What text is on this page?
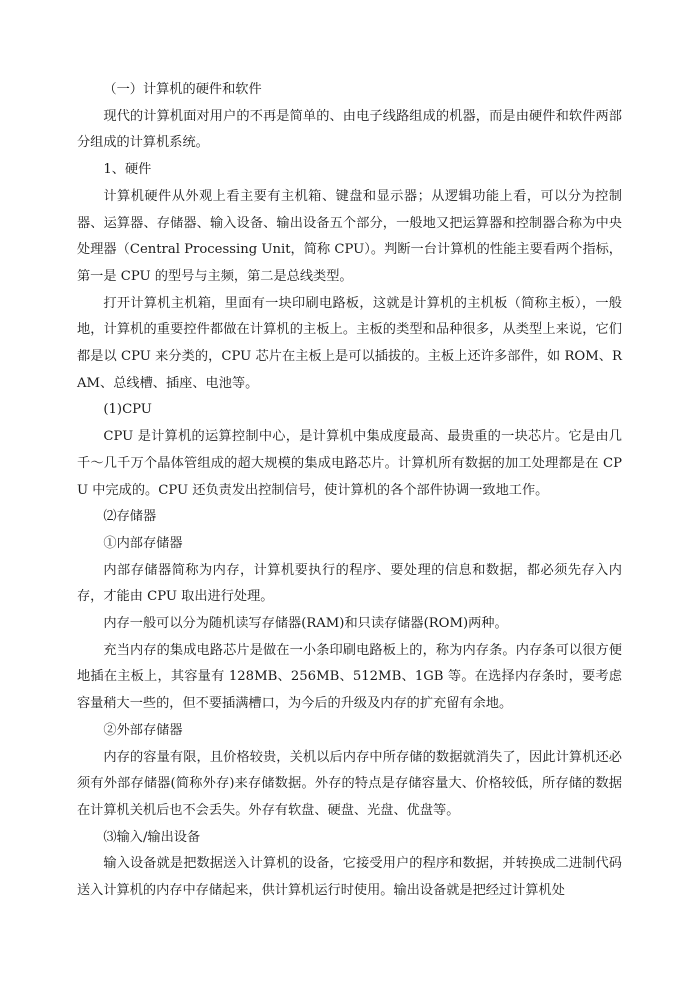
（一）计算机的硬件和软件

现代的计算机面对用户的不再是简单的、由电子线路组成的机器，而是由硬件和软件两部分组成的计算机系统。

1、硬件

计算机硬件从外观上看主要有主机箱、键盘和显示器；从逻辑功能上看，可以分为控制器、运算器、存储器、输入设备、输出设备五个部分，一般地又把运算器和控制器合称为中央处理器（Central Processing Unit，简称 CPU）。判断一台计算机的性能主要看两个指标，第一是 CPU 的型号与主频，第二是总线类型。

打开计算机主机箱，里面有一块印刷电路板，这就是计算机的主机板（简称主板），一般地，计算机的重要控件都做在计算机的主板上。主板的类型和品种很多，从类型上来说，它们都是以 CPU 来分类的，CPU 芯片在主板上是可以插拔的。主板上还许多部件，如 ROM、RAM、总线槽、插座、电池等。

(1)CPU

CPU 是计算机的运算控制中心，是计算机中集成度最高、最贵重的一块芯片。它是由几千～几千万个晶体管组成的超大规模的集成电路芯片。计算机所有数据的加工处理都是在 CPU 中完成的。CPU 还负责发出控制信号，使计算机的各个部件协调一致地工作。

⑵存储器

①内部存储器

内部存储器简称为内存，计算机要执行的程序、要处理的信息和数据，都必须先存入内存，才能由 CPU 取出进行处理。

内存一般可以分为随机读写存储器(RAM)和只读存储器(ROM)两种。

充当内存的集成电路芯片是做在一小条印刷电路板上的，称为内存条。内存条可以很方便地插在主板上，其容量有 128MB、256MB、512MB、1GB 等。在选择内存条时，要考虑容量稍大一些的，但不要插满槽口，为今后的升级及内存的扩充留有余地。

②外部存储器

内存的容量有限，且价格较贵，关机以后内存中所存储的数据就消失了，因此计算机还必须有外部存储器(简称外存)来存储数据。外存的特点是存储容量大、价格较低，所存储的数据在计算机关机后也不会丢失。外存有软盘、硬盘、光盘、优盘等。

⑶输入/输出设备

输入设备就是把数据送入计算机的设备，它接受用户的程序和数据，并转换成二进制代码送入计算机的内存中存储起来，供计算机运行时使用。输出设备就是把经过计算机处
